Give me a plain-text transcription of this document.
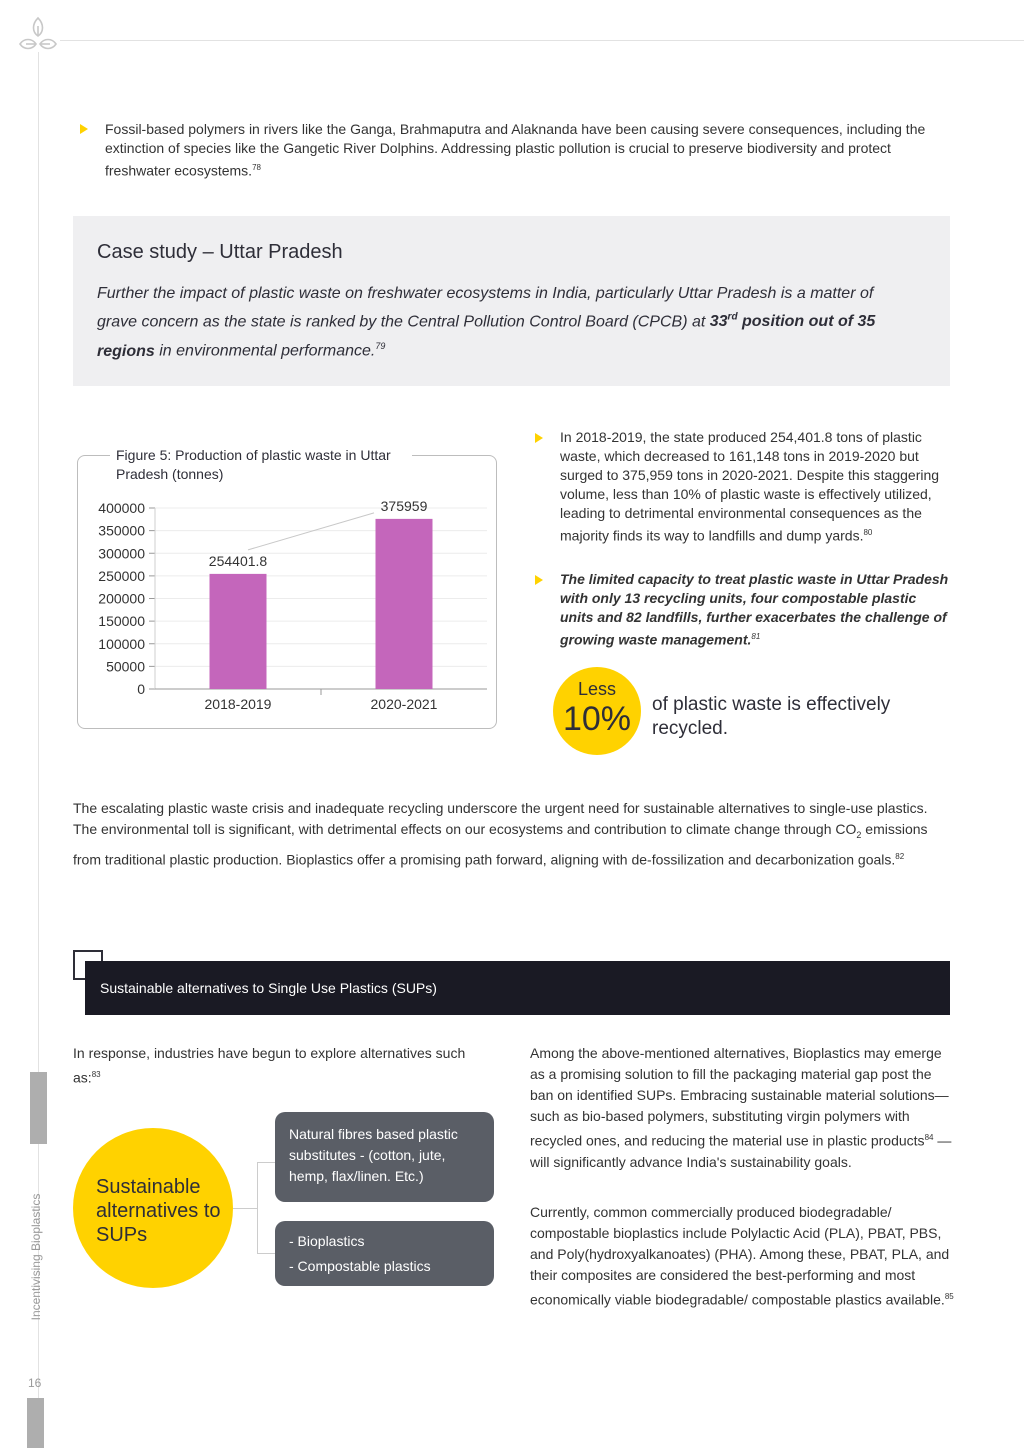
Incentivising Bioplastics
16
Fossil-based polymers in rivers like the Ganga, Brahmaputra and Alaknanda have been causing severe consequences, including the extinction of species like the Gangetic River Dolphins. Addressing plastic pollution is crucial to preserve biodiversity and protect freshwater ecosystems.$^{78}$
Case study – Uttar Pradesh
Further the impact of plastic waste on freshwater ecosystems in India, particularly Uttar Pradesh is a matter of grave concern as the state is ranked by the Central Pollution Control Board (CPCB) at 33rd position out of 35 regions in environmental performance.$^{79}$
Figure 5: Production of plastic waste in Uttar Pradesh (tonnes)
400000
350000
300000
250000
200000
150000
100000
50000
0
254401.8
2018-2019
375959
2020-2021
In 2018-2019, the state produced 254,401.8 tons of plastic waste, which decreased to 161,148 tons in 2019-2020 but surged to 375,959 tons in 2020-2021. Despite this staggering volume, less than 10% of plastic waste is effectively utilized, leading to detrimental environmental consequences as the majority finds its way to landfills and dump yards.$^{80}$
The limited capacity to treat plastic waste in Uttar Pradesh with only 13 recycling units, four compostable plastic units and 82 landfills, further exacerbates the challenge of growing waste management.$^{81}$
Less
10%	of plastic waste is effectively recycled.
The escalating plastic waste crisis and inadequate recycling underscore the urgent need for sustainable alternatives to single-use plastics. The environmental toll is significant, with detrimental effects on our ecosystems and contribution to climate change through $CO_2$ emissions from traditional plastic production. Bioplastics offer a promising path forward, aligning with de-fossilization and decarbonization goals.$^{82}$
Sustainable alternatives to Single Use Plastics (SUPs)
In response, industries have begun to explore alternatives such as:$^{83}$
Sustainable alternatives to SUPs
Natural fibres based plastic substitutes - (cotton, jute, hemp, flax/linen. Etc.)
- Bioplastics
- Compostable plastics
Among the above-mentioned alternatives, Bioplastics may emerge as a promising solution to fill the packaging material gap post the ban on identified SUPs. Embracing sustainable material solutions—such as bio-based polymers, substituting virgin polymers with recycled ones, and reducing the material use in plastic products$^{84}$ —will significantly advance India's sustainability goals.
Currently, common commercially produced biodegradable/ compostable bioplastics include Polylactic Acid (PLA), PBAT, PBS, and Poly(hydroxyalkanoates) (PHA). Among these, PBAT, PLA, and their composites are considered the best-performing and most economically viable biodegradable/ compostable plastics available.$^{85}$
